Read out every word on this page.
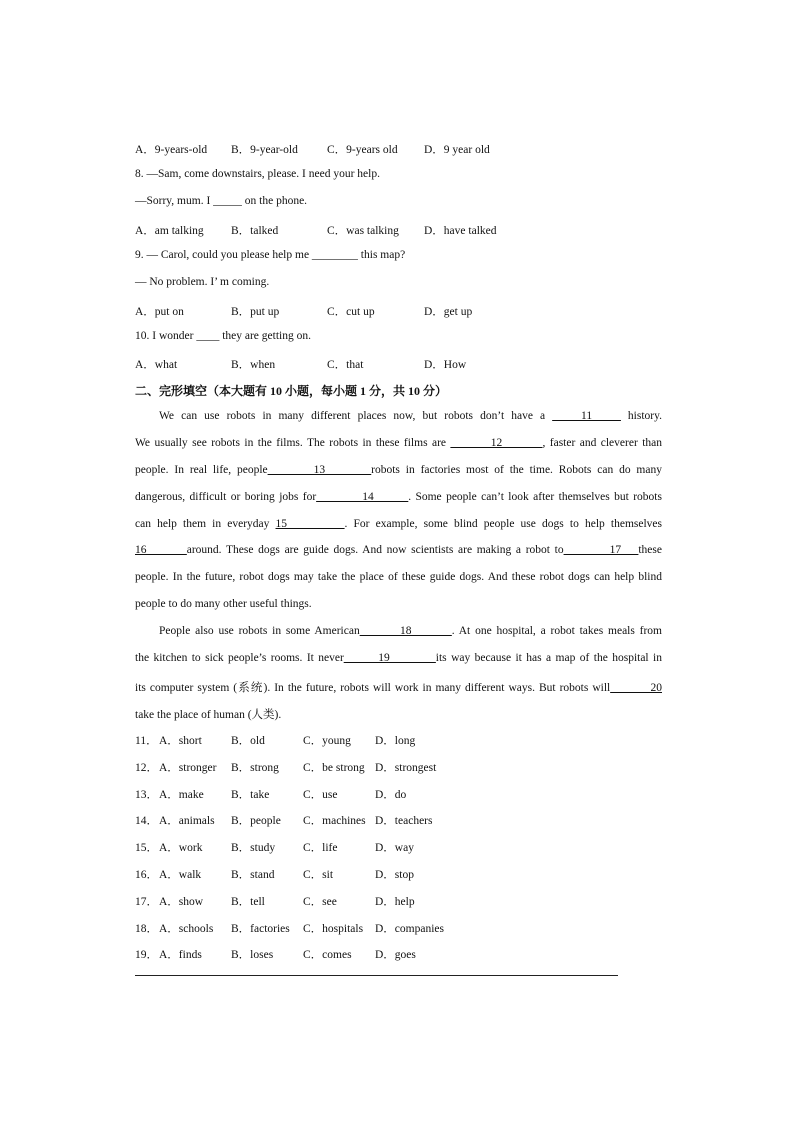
A．9-years-old B．9-year-old	C．9-years old D．9 year old
8. —Sam, come downstairs, please. I need your help.
—Sorry, mum. I _____ on the phone.
A．am talking B．talked	C．was talking D．have talked
9. — Carol, could you please help me ________ this map?
— No problem. I’ m coming.
A．put on	B．put up	C．cut up	D．get up
10. I wonder ____ they are getting on.
A．what	B．when	C．that	D．How
二、完形填空（本大题有 10 小题，每小题 1 分，共 10 分）
We can use robots in many different places now, but robots don’t have a _____11_____ history.
We usually see robots in the films. The robots in these films are _______12_______, faster and cleverer than
people. In real life, people________13________robots in factories most of the time. Robots can do many
dangerous, difficult or boring jobs for________14______. Some people can’t look after themselves but robots
can help them in everyday 15__________. For example, some blind people use dogs to help themselves
16_______around. These dogs are guide dogs. And now scientists are making a robot to________17___these
people. In the future, robot dogs may take the place of these guide dogs. And these robot dogs can help blind
people to do many other useful things.
People also use robots in some American_______18_______. At one hospital, a robot takes meals from
the kitchen to sick people’s rooms. It never______19________its way because it has a map of the hospital in
its computer system (系统). In the future, robots will work in many different ways. But robots will_______20
take the place of human (人类).
11． A．short	B．old	C．young D．long
12． A．stronger B．strong C．be strong D．strongest
13． A．make B．take	C．use	D．do
14． A．animals B．people C．machines D．teachers
15． A．work B．study C．life	D．way
16． A．walk	B．stand C．sit	D．stop
17． A．show B．tell	C．see	D．help
18． A．schools B．factories C．hospitals D．companies
19． A．finds	B．loses	C．comes D．goes
